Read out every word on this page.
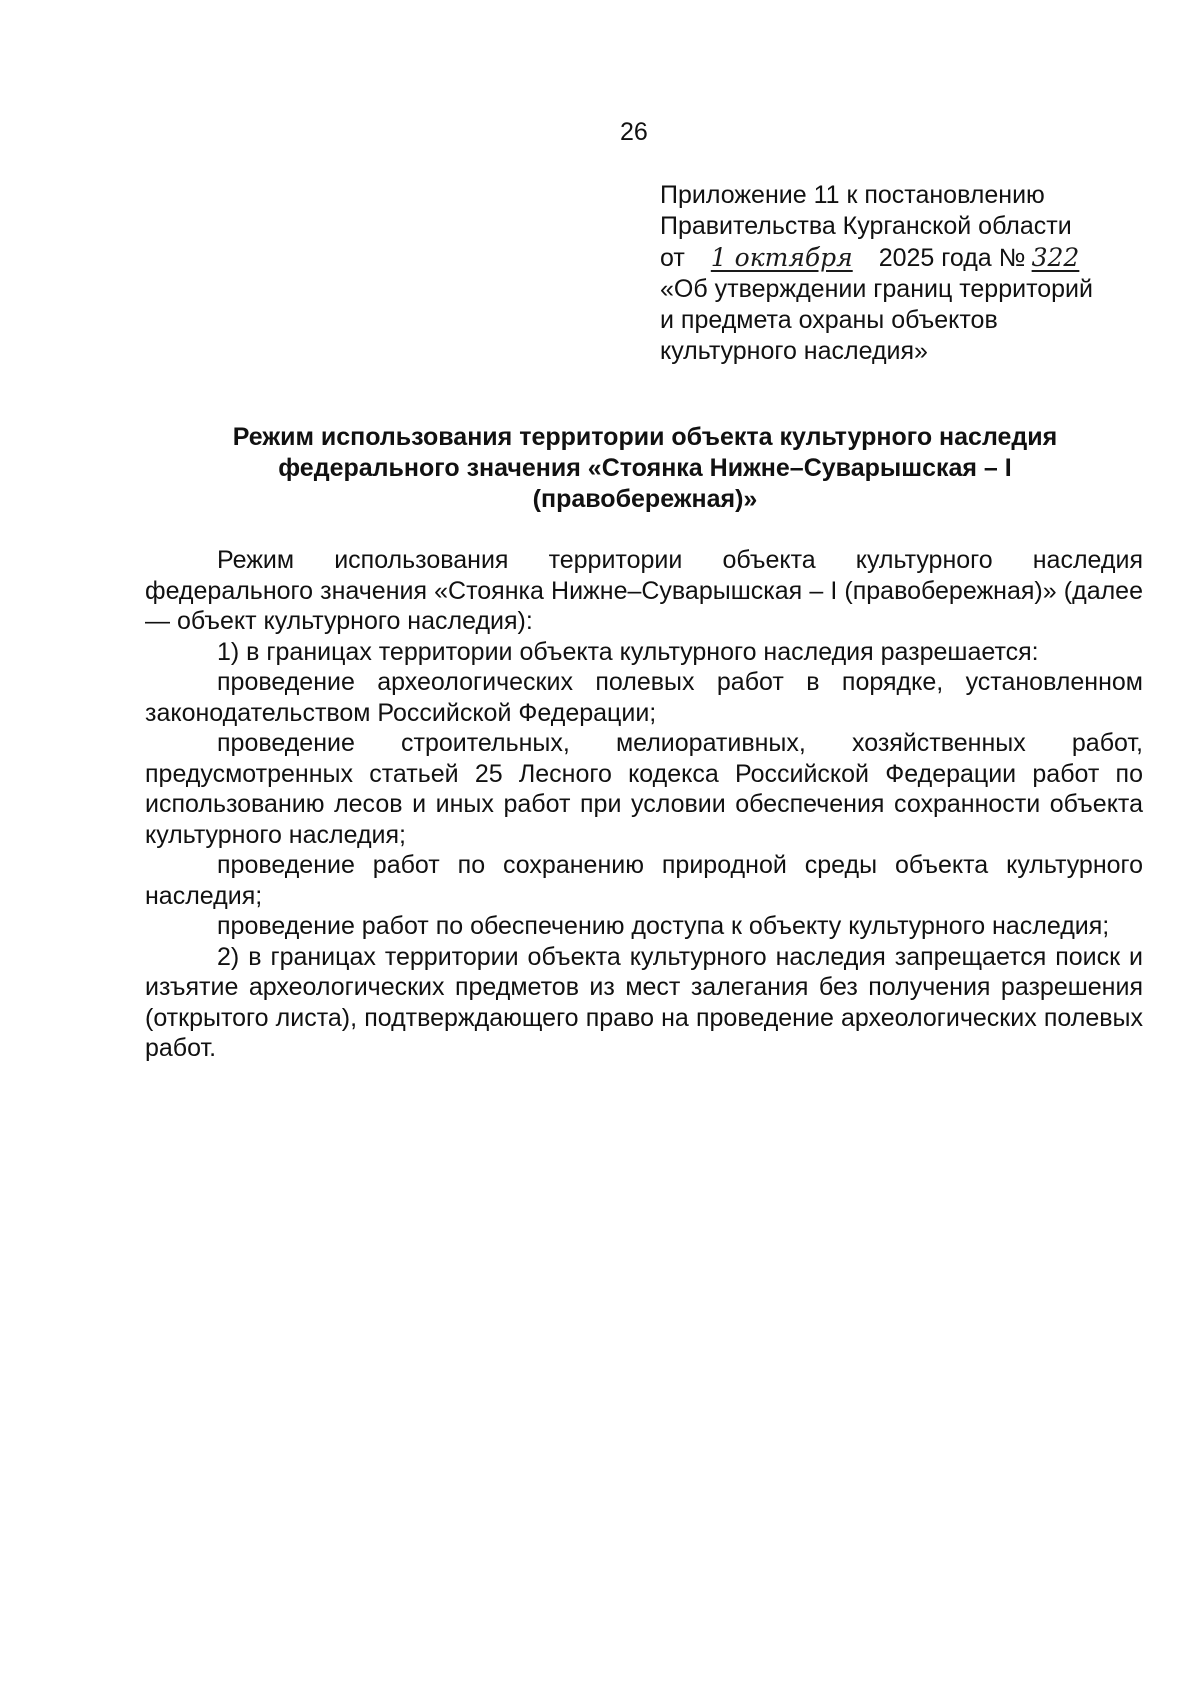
26
Приложение 11 к постановлению
Правительства Курганской области
от 1 октября 2025 года № 322
«Об утверждении границ территорий
и предмета охраны объектов
культурного наследия»
Режим использования территории объекта культурного наследия
федерального значения «Стоянка Нижне–Суварышская – I
(правобережная)»

Режим использования территории объекта культурного наследия федерального значения «Стоянка Нижне–Суварышская – I (правобережная)» (далее — объект культурного наследия):

1) в границах территории объекта культурного наследия разрешается:

проведение археологических полевых работ в порядке, установленном законодательством Российской Федерации;

проведение строительных, мелиоративных, хозяйственных работ, предусмотренных статьей 25 Лесного кодекса Российской Федерации работ по использованию лесов и иных работ при условии обеспечения сохранности объекта культурного наследия;

проведение работ по сохранению природной среды объекта культурного наследия;

проведение работ по обеспечению доступа к объекту культурного наследия;

2) в границах территории объекта культурного наследия запрещается поиск и изъятие археологических предметов из мест залегания без получения разрешения (открытого листа), подтверждающего право на проведение археологических полевых работ.
